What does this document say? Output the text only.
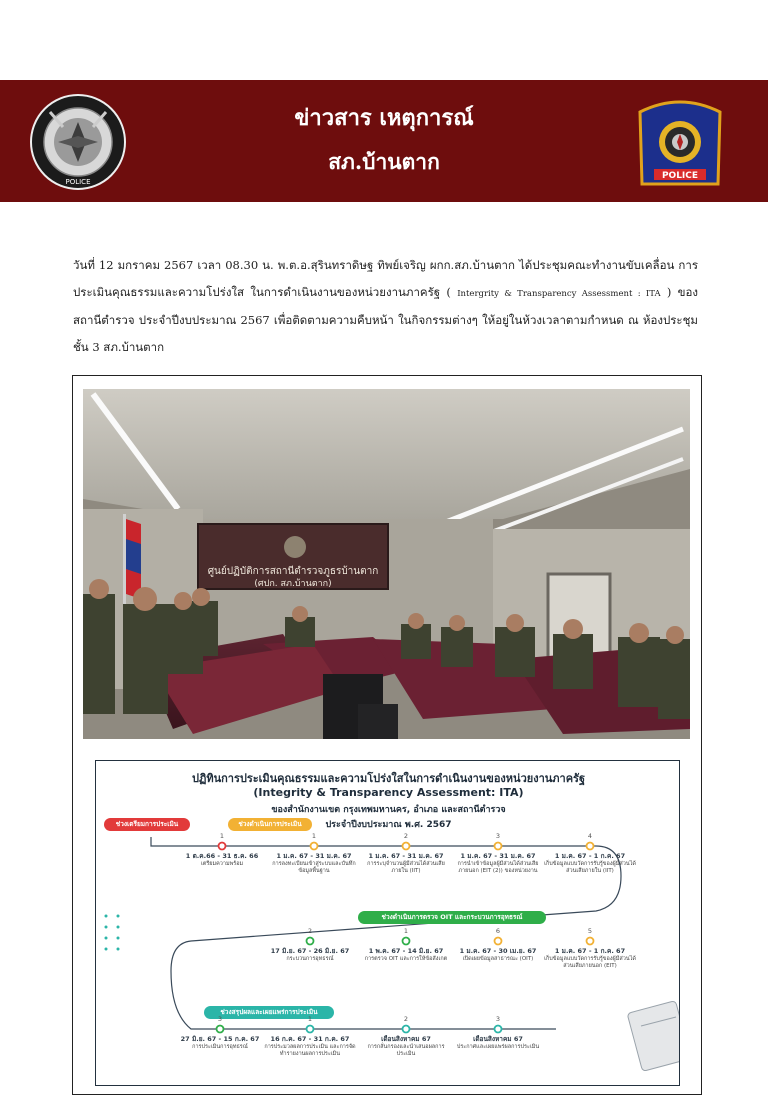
POLICE
POLICE
ข่าวสาร เหตุการณ์
สภ.บ้านตาก

วันที่ 12 มกราคม 2567 เวลา 08.30 น. พ.ต.อ.สุรินทราดิษฐ ทิพย์เจริญ ผกก.สภ.บ้านตาก ได้ประชุมคณะทำงานขับเคลื่อน การประเมินคุณธรรมและความโปร่งใส ในการดำเนินงานของหน่วยงานภาครัฐ ( Intergrity & Transparency Assessment : ITA ) ของสถานีตำรวจ ประจำปีงบประมาณ 2567 เพื่อติดตามความคืบหน้า ในกิจกรรมต่างๆ ให้อยู่ในห้วงเวลาตามกำหนด ณ ห้องประชุม ชั้น 3 สภ.บ้านตาก

ศูนย์ปฏิบัติการสถานีตำรวจภูธรบ้านตาก
(ศปก. สภ.บ้านตาก)
ปฏิทินการประเมินคุณธรรมและความโปร่งใสในการดำเนินงานของหน่วยงานภาครัฐ
(Integrity & Transparency Assessment: ITA)
ของสำนักงานเขต กรุงเทพมหานคร, อำเภอ และสถานีตำรวจ
ประจำปีงบประมาณ พ.ศ. 2567
ช่วงเตรียมการประเมิน	ช่วงดำเนินการประเมิน
ช่วงดำเนินการตรวจ OIT และกระบวนการอุทธรณ์
ช่วงสรุปผลและเผยแพร่การประเมิน
1
1 ต.ค.66 - 31 ธ.ค. 66
เตรียมความพร้อม
1
1 ม.ค. 67 - 31 ม.ค. 67
การลงทะเบียนเข้าสู่ระบบและบันทึกข้อมูลพื้นฐาน
2
1 ม.ค. 67 - 31 ม.ค. 67
การระบุจำนวนผู้มีส่วนได้ส่วนเสียภายใน (IIT)
3
1 ม.ค. 67 - 31 ม.ค. 67
การนำเข้าข้อมูลผู้มีส่วนได้ส่วนเสียภายนอก (EIT (2)) ของหน่วยงาน
4
1 ม.ค. 67 - 1 ก.ค. 67
เก็บข้อมูลแบบวัดการรับรู้ของผู้มีส่วนได้ส่วนเสียภายใน (IIT)
2
17 มิ.ย. 67 - 26 มิ.ย. 67
กระบวนการอุทธรณ์
1
1 พ.ค. 67 - 14 มิ.ย. 67
การตรวจ OIT และการให้ข้อสังเกต
6
1 ม.ค. 67 - 30 เม.ย. 67
เปิดเผยข้อมูลสาธารณะ (OIT)
5
1 ม.ค. 67 - 1 ก.ค. 67
เก็บข้อมูลแบบวัดการรับรู้ของผู้มีส่วนได้ส่วนเสียภายนอก (EIT)
3
27 มิ.ย. 67 - 15 ก.ค. 67
การประเมินการอุทธรณ์
1
16 ก.ค. 67 - 31 ก.ค. 67
การประมวลผลการประเมิน และการจัดทำรายงานผลการประเมิน
2
เดือนสิงหาคม 67
การกลั่นกรองและนำเสนอผลการประเมิน
3
เดือนสิงหาคม 67
ประกาศและเผยแพร่ผลการประเมิน
